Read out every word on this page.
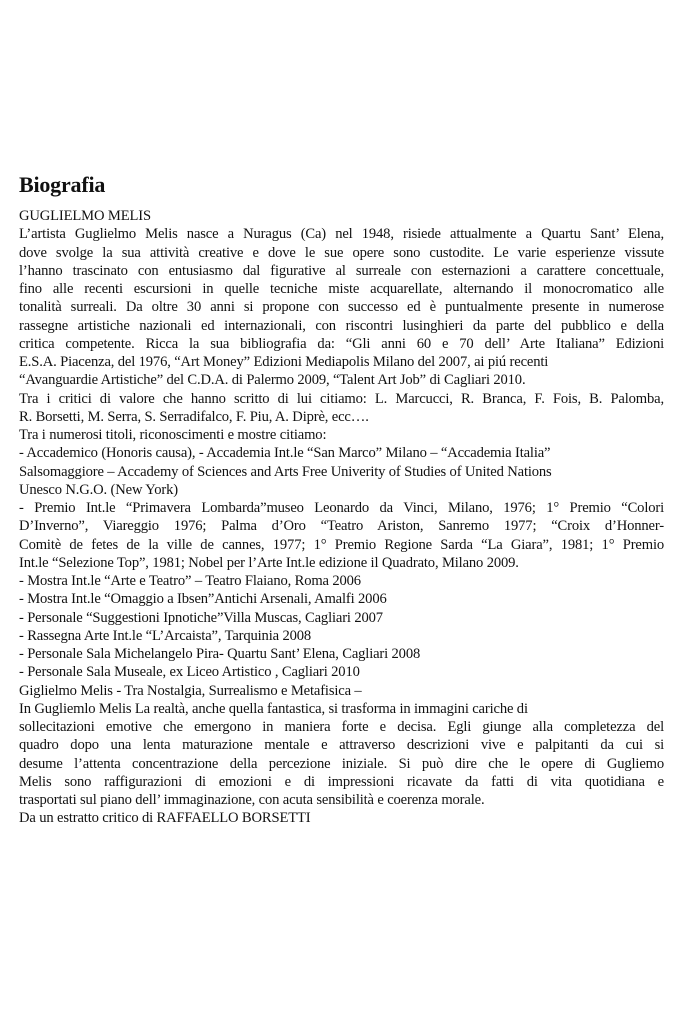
Biografia
GUGLIELMO MELIS
L’artista Guglielmo Melis nasce a Nuragus (Ca) nel 1948, risiede attualmente a Quartu Sant’ Elena,
dove svolge la sua attività creative e dove le sue opere sono custodite. Le varie esperienze vissute
l’hanno trascinato con entusiasmo dal figurative al surreale con esternazioni a carattere concettuale,
fino alle recenti escursioni in quelle tecniche miste acquarellate, alternando il monocromatico alle
tonalità surreali. Da oltre 30 anni si propone con successo ed è puntualmente presente in numerose
rassegne artistiche nazionali ed internazionali, con riscontri lusinghieri da parte del pubblico e della
critica competente. Ricca la sua bibliografia da: “Gli anni 60 e 70 dell’ Arte Italiana” Edizioni
E.S.A. Piacenza, del 1976, “Art Money” Edizioni Mediapolis Milano del 2007, ai piú recenti
“Avanguardie Artistiche” del C.D.A. di Palermo 2009, “Talent Art Job” di Cagliari 2010.
Tra i critici di valore che hanno scritto di lui citiamo: L. Marcucci, R. Branca, F. Fois, B. Palomba,
R. Borsetti, M. Serra, S. Serradifalco, F. Piu, A. Diprè, ecc….
Tra i numerosi titoli, riconoscimenti e mostre citiamo:
- Accademico (Honoris causa), - Accademia Int.le “San Marco” Milano – “Accademia Italia”
Salsomaggiore – Accademy of Sciences and Arts Free Univerity of Studies of United Nations
Unesco N.G.O. (New York)
- Premio Int.le “Primavera Lombarda”museo Leonardo da Vinci, Milano, 1976; 1° Premio “Colori
D’Inverno”, Viareggio 1976; Palma d’Oro “Teatro Ariston, Sanremo 1977; “Croix d’Honner-
Comitè de fetes de la ville de cannes, 1977; 1° Premio Regione Sarda “La Giara”, 1981; 1° Premio
Int.le “Selezione Top”, 1981; Nobel per l’Arte Int.le edizione il Quadrato, Milano 2009.
- Mostra Int.le “Arte e Teatro” – Teatro Flaiano, Roma 2006
- Mostra Int.le “Omaggio a Ibsen”Antichi Arsenali, Amalfi 2006
- Personale “Suggestioni Ipnotiche”Villa Muscas, Cagliari 2007
- Rassegna Arte Int.le “L’Arcaista”, Tarquinia 2008
- Personale Sala Michelangelo Pira- Quartu Sant’ Elena, Cagliari 2008
- Personale Sala Museale, ex Liceo Artistico , Cagliari 2010
Giglielmo Melis - Tra Nostalgia, Surrealismo e Metafisica –
In Gugliemlo Melis La realtà, anche quella fantastica, si trasforma in immagini cariche di
sollecitazioni emotive che emergono in maniera forte e decisa. Egli giunge alla completezza del
quadro dopo una lenta maturazione mentale e attraverso descrizioni vive e palpitanti da cui si
desume l’attenta concentrazione della percezione iniziale. Si può dire che le opere di Gugliemo
Melis sono raffigurazioni di emozioni e di impressioni ricavate da fatti di vita quotidiana e
trasportati sul piano dell’ immaginazione, con acuta sensibilità e coerenza morale.
Da un estratto critico di RAFFAELLO BORSETTI
